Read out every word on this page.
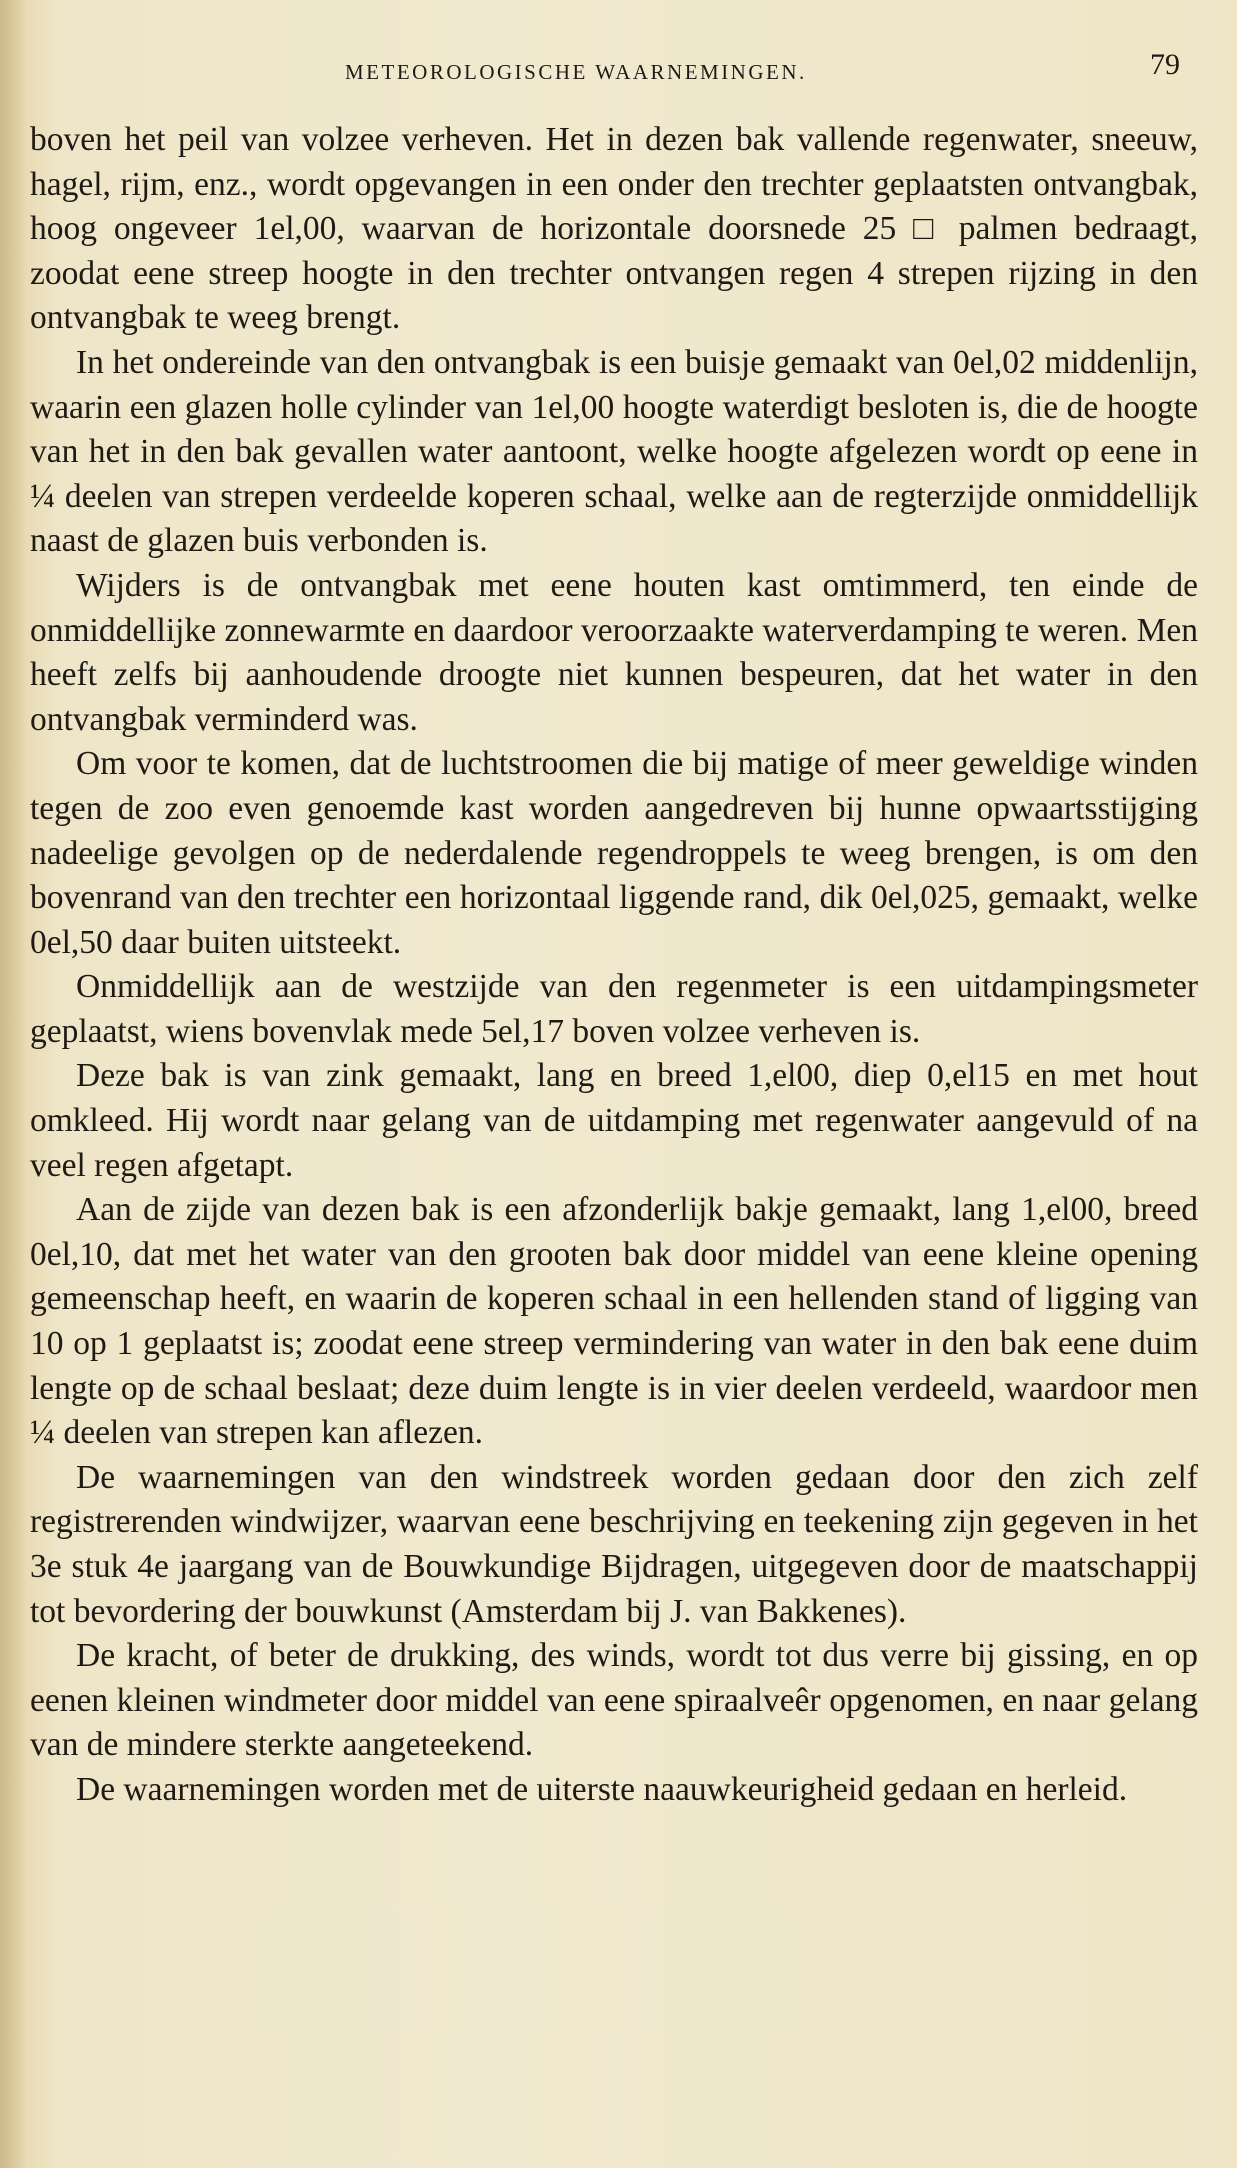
METEOROLOGISCHE WAARNEMINGEN.	79

boven het peil van volzee verheven. Het in dezen bak vallende regenwater, sneeuw, hagel, rijm, enz., wordt opgevangen in een onder den trechter geplaatsten ontvangbak, hoog ongeveer 1el,00, waarvan de horizontale doorsnede 25 □ palmen bedraagt, zoodat eene streep hoogte in den trechter ontvangen regen 4 strepen rijzing in den ontvangbak te weeg brengt.

In het ondereinde van den ontvangbak is een buisje gemaakt van 0el,02 middenlijn, waarin een glazen holle cylinder van 1el,00 hoogte waterdigt besloten is, die de hoogte van het in den bak gevallen water aantoont, welke hoogte afgelezen wordt op eene in ¼ deelen van strepen verdeelde koperen schaal, welke aan de regterzijde onmiddellijk naast de glazen buis verbonden is.

Wijders is de ontvangbak met eene houten kast omtimmerd, ten einde de onmiddellijke zonnewarmte en daardoor veroorzaakte waterverdamping te weren. Men heeft zelfs bij aanhoudende droogte niet kunnen bespeuren, dat het water in den ontvangbak verminderd was.

Om voor te komen, dat de luchtstroomen die bij matige of meer geweldige winden tegen de zoo even genoemde kast worden aangedreven bij hunne opwaartsstijging nadeelige gevolgen op de nederdalende regendroppels te weeg brengen, is om den bovenrand van den trechter een horizontaal liggende rand, dik 0el,025, gemaakt, welke 0el,50 daar buiten uitsteekt.

Onmiddellijk aan de westzijde van den regenmeter is een uitdampingsmeter geplaatst, wiens bovenvlak mede 5el,17 boven volzee verheven is.

Deze bak is van zink gemaakt, lang en breed 1,el00, diep 0,el15 en met hout omkleed. Hij wordt naar gelang van de uitdamping met regenwater aangevuld of na veel regen afgetapt.

Aan de zijde van dezen bak is een afzonderlijk bakje gemaakt, lang 1,el00, breed 0el,10, dat met het water van den grooten bak door middel van eene kleine opening gemeenschap heeft, en waarin de koperen schaal in een hellenden stand of ligging van 10 op 1 geplaatst is; zoodat eene streep vermindering van water in den bak eene duim lengte op de schaal beslaat; deze duim lengte is in vier deelen verdeeld, waardoor men ¼ deelen van strepen kan aflezen.

De waarnemingen van den windstreek worden gedaan door den zich zelf registrerenden windwijzer, waarvan eene beschrijving en teekening zijn gegeven in het 3e stuk 4e jaargang van de Bouwkundige Bijdragen, uitgegeven door de maatschappij tot bevordering der bouwkunst (Amsterdam bij J. van Bakkenes).

De kracht, of beter de drukking, des winds, wordt tot dus verre bij gissing, en op eenen kleinen windmeter door middel van eene spiraalveêr opgenomen, en naar gelang van de mindere sterkte aangeteekend.

De waarnemingen worden met de uiterste naauwkeurigheid gedaan en herleid.
